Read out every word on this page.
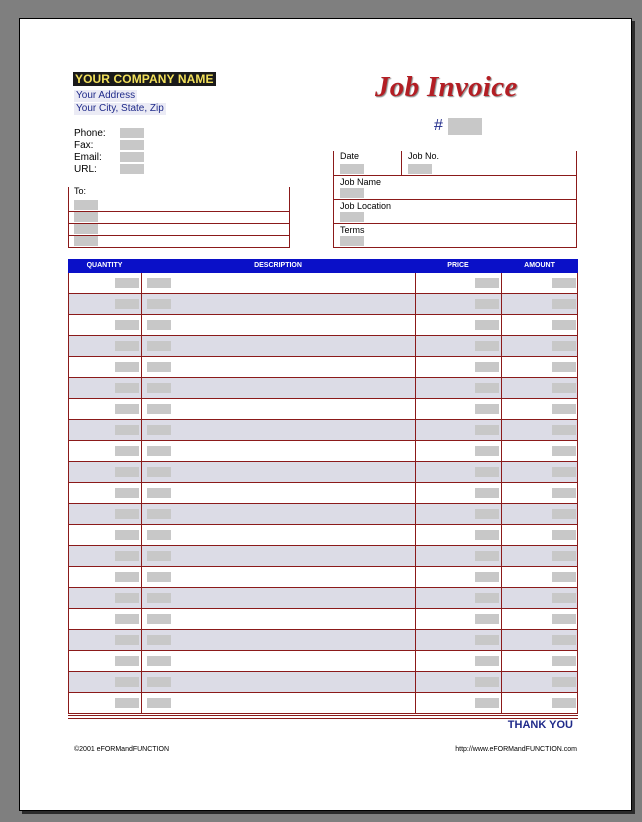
YOUR COMPANY NAME
Your Address
Your City, State, Zip
Phone:
Fax:
Email:
URL:
Job Invoice
#
To:
Date	Job No.
Job Name
Job Location
Terms
QUANTITY	DESCRIPTION	PRICE	AMOUNT
THANK YOU
©2001 eFORMandFUNCTION	http://www.eFORMandFUNCTION.com
